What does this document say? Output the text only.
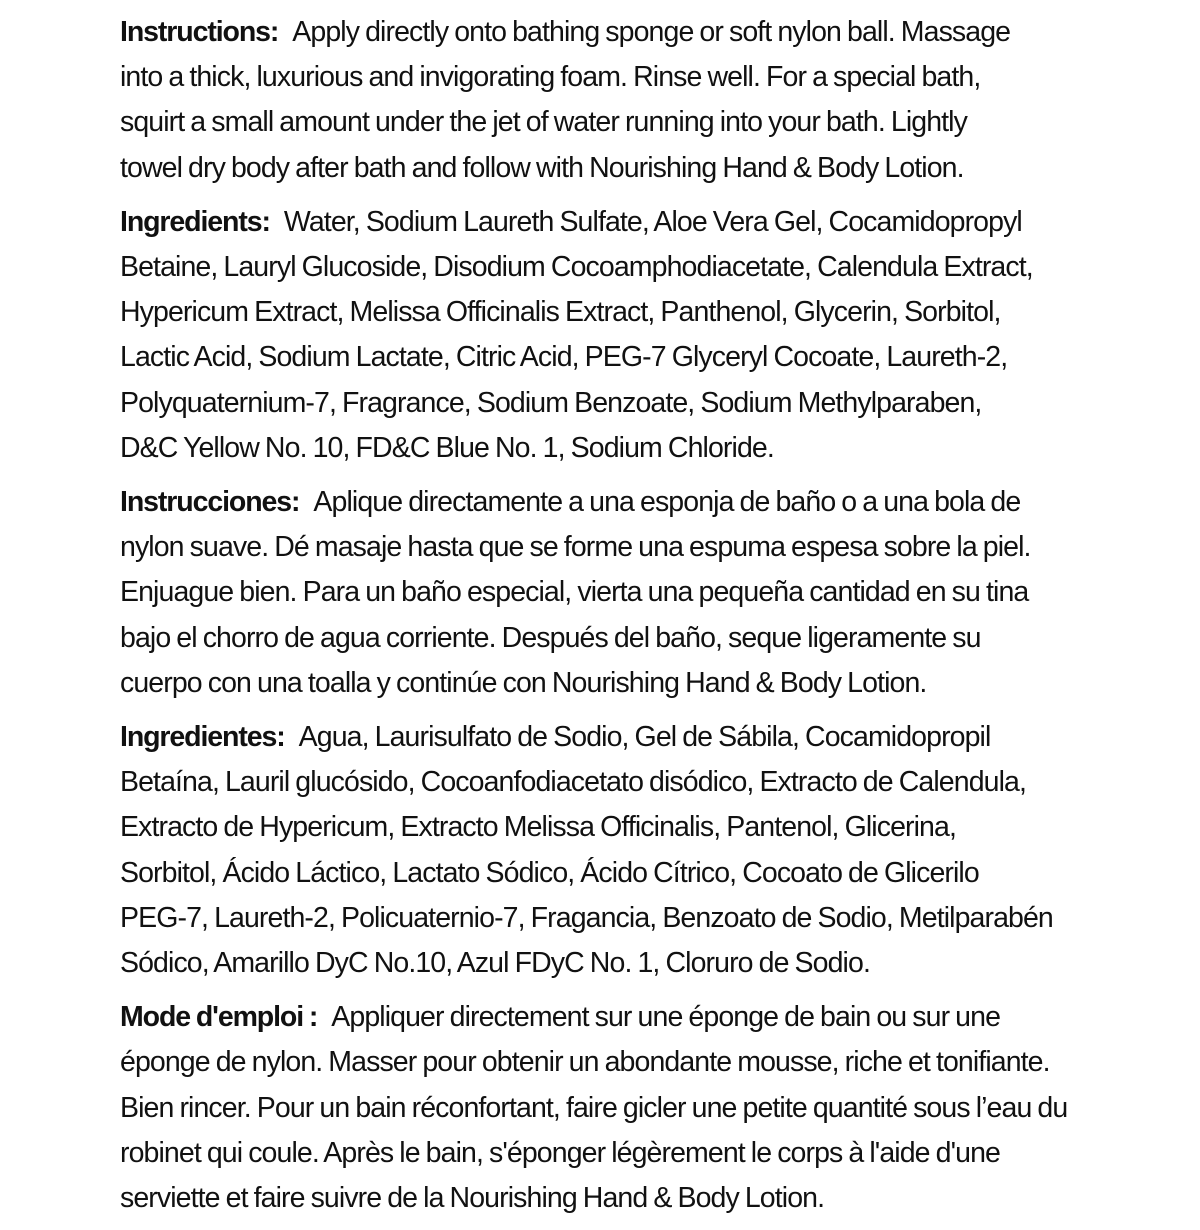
Instructions: Apply directly onto bathing sponge or soft nylon ball. Massage
into a thick, luxurious and invigorating foam. Rinse well. For a special bath,
squirt a small amount under the jet of water running into your bath. Lightly
towel dry body after bath and follow with Nourishing Hand & Body Lotion.
Ingredients: Water, Sodium Laureth Sulfate, Aloe Vera Gel, Cocamidopropyl
Betaine, Lauryl Glucoside, Disodium Cocoamphodiacetate, Calendula Extract,
Hypericum Extract, Melissa Officinalis Extract, Panthenol, Glycerin, Sorbitol,
Lactic Acid, Sodium Lactate, Citric Acid, PEG-7 Glyceryl Cocoate, Laureth-2,
Polyquaternium-7, Fragrance, Sodium Benzoate, Sodium Methylparaben,
D&C Yellow No. 10, FD&C Blue No. 1, Sodium Chloride.
Instrucciones: Aplique directamente a una esponja de baño o a una bola de
nylon suave. Dé masaje hasta que se forme una espuma espesa sobre la piel.
Enjuague bien. Para un baño especial, vierta una pequeña cantidad en su tina
bajo el chorro de agua corriente. Después del baño, seque ligeramente su
cuerpo con una toalla y continúe con Nourishing Hand & Body Lotion.
Ingredientes: Agua, Laurisulfato de Sodio, Gel de Sábila, Cocamidopropil
Betaína, Lauril glucósido, Cocoanfodiacetato disódico, Extracto de Calendula,
Extracto de Hypericum, Extracto Melissa Officinalis, Pantenol, Glicerina,
Sorbitol, Ácido Láctico, Lactato Sódico, Ácido Cítrico, Cocoato de Glicerilo
PEG-7, Laureth-2, Policuaternio-7, Fragancia, Benzoato de Sodio, Metilparabén
Sódico, Amarillo DyC No.10, Azul FDyC No. 1, Cloruro de Sodio.
Mode d'emploi : Appliquer directement sur une éponge de bain ou sur une
éponge de nylon. Masser pour obtenir un abondante mousse, riche et tonifiante.
Bien rincer. Pour un bain réconfortant, faire gicler une petite quantité sous l’eau du
robinet qui coule. Après le bain, s'éponger légèrement le corps à l'aide d'une
serviette et faire suivre de la Nourishing Hand & Body Lotion.
